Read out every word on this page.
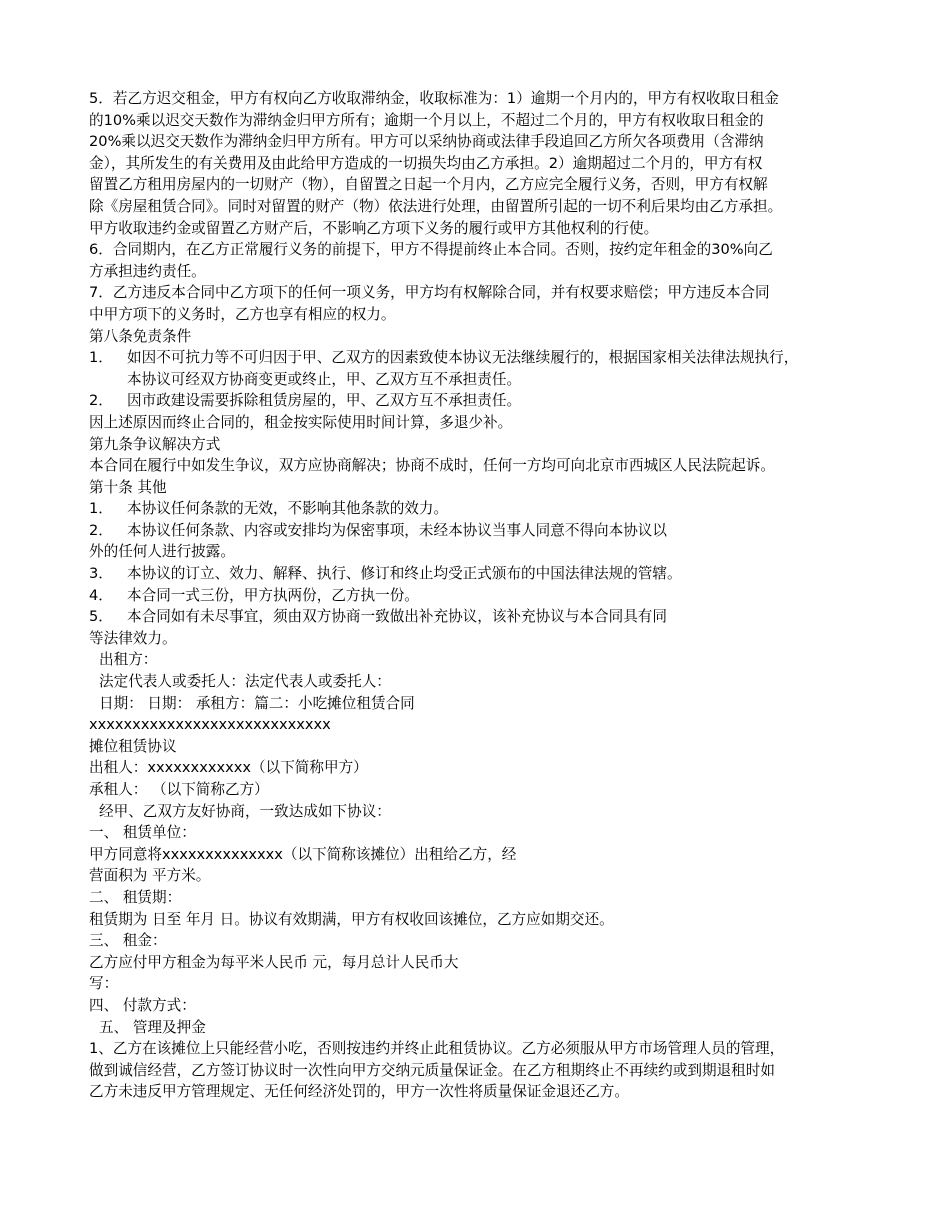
5．若乙方迟交租金，甲方有权向乙方收取滞纳金，收取标准为：1）逾期一个月内的，甲方有权收取日租金
的10%乘以迟交天数作为滞纳金归甲方所有；逾期一个月以上，不超过二个月的，甲方有权收取日租金的
20%乘以迟交天数作为滞纳金归甲方所有。甲方可以采纳协商或法律手段追回乙方所欠各项费用（含滞纳
金），其所发生的有关费用及由此给甲方造成的一切损失均由乙方承担。2）逾期超过二个月的，甲方有权
留置乙方租用房屋内的一切财产（物），自留置之日起一个月内，乙方应完全履行义务，否则，甲方有权解
除《房屋租赁合同》。同时对留置的财产（物）依法进行处理，由留置所引起的一切不利后果均由乙方承担。
甲方收取违约金或留置乙方财产后，不影响乙方项下义务的履行或甲方其他权利的行使。
6．合同期内，在乙方正常履行义务的前提下，甲方不得提前终止本合同。否则，按约定年租金的30%向乙
方承担违约责任。
7．乙方违反本合同中乙方项下的任何一项义务，甲方均有权解除合同，并有权要求赔偿；甲方违反本合同
中甲方项下的义务时，乙方也享有相应的权力。
第八条免责条件
1． 如因不可抗力等不可归因于甲、乙双方的因素致使本协议无法继续履行的，根据国家相关法律法规执行，
本协议可经双方协商变更或终止，甲、乙双方互不承担责任。
2． 因市政建设需要拆除租赁房屋的，甲、乙双方互不承担责任。
因上述原因而终止合同的，租金按实际使用时间计算，多退少补。
第九条争议解决方式
本合同在履行中如发生争议，双方应协商解决；协商不成时，任何一方均可向北京市西城区人民法院起诉。
第十条 其他
1． 本协议任何条款的无效，不影响其他条款的效力。
2． 本协议任何条款、内容或安排均为保密事项，未经本协议当事人同意不得向本协议以
外的任何人进行披露。
3． 本协议的订立、效力、解释、执行、修订和终止均受正式颁布的中国法律法规的管辖。
4． 本合同一式三份，甲方执两份，乙方执一份。
5． 本合同如有未尽事宜，须由双方协商一致做出补充协议，该补充协议与本合同具有同
等法律效力。
出租方：
法定代表人或委托人：法定代表人或委托人：
日期： 日期： 承租方：篇二：小吃摊位租赁合同
xxxxxxxxxxxxxxxxxxxxxxxxxxxx
摊位租赁协议
出租人：xxxxxxxxxxxx（以下简称甲方）
承租人： （以下简称乙方）
经甲、乙双方友好协商，一致达成如下协议：
一、 租赁单位：
甲方同意将xxxxxxxxxxxxxx（以下简称该摊位）出租给乙方，经
营面积为 平方米。
二、 租赁期：
租赁期为 日至 年月 日。协议有效期满，甲方有权收回该摊位，乙方应如期交还。
三、 租金：
乙方应付甲方租金为每平米人民币 元，每月总计人民币大
写：
四、 付款方式：
五、 管理及押金
1、乙方在该摊位上只能经营小吃，否则按违约并终止此租赁协议。乙方必须服从甲方市场管理人员的管理，
做到诚信经营，乙方签订协议时一次性向甲方交纳元质量保证金。在乙方租期终止不再续约或到期退租时如
乙方未违反甲方管理规定、无任何经济处罚的，甲方一次性将质量保证金退还乙方。
